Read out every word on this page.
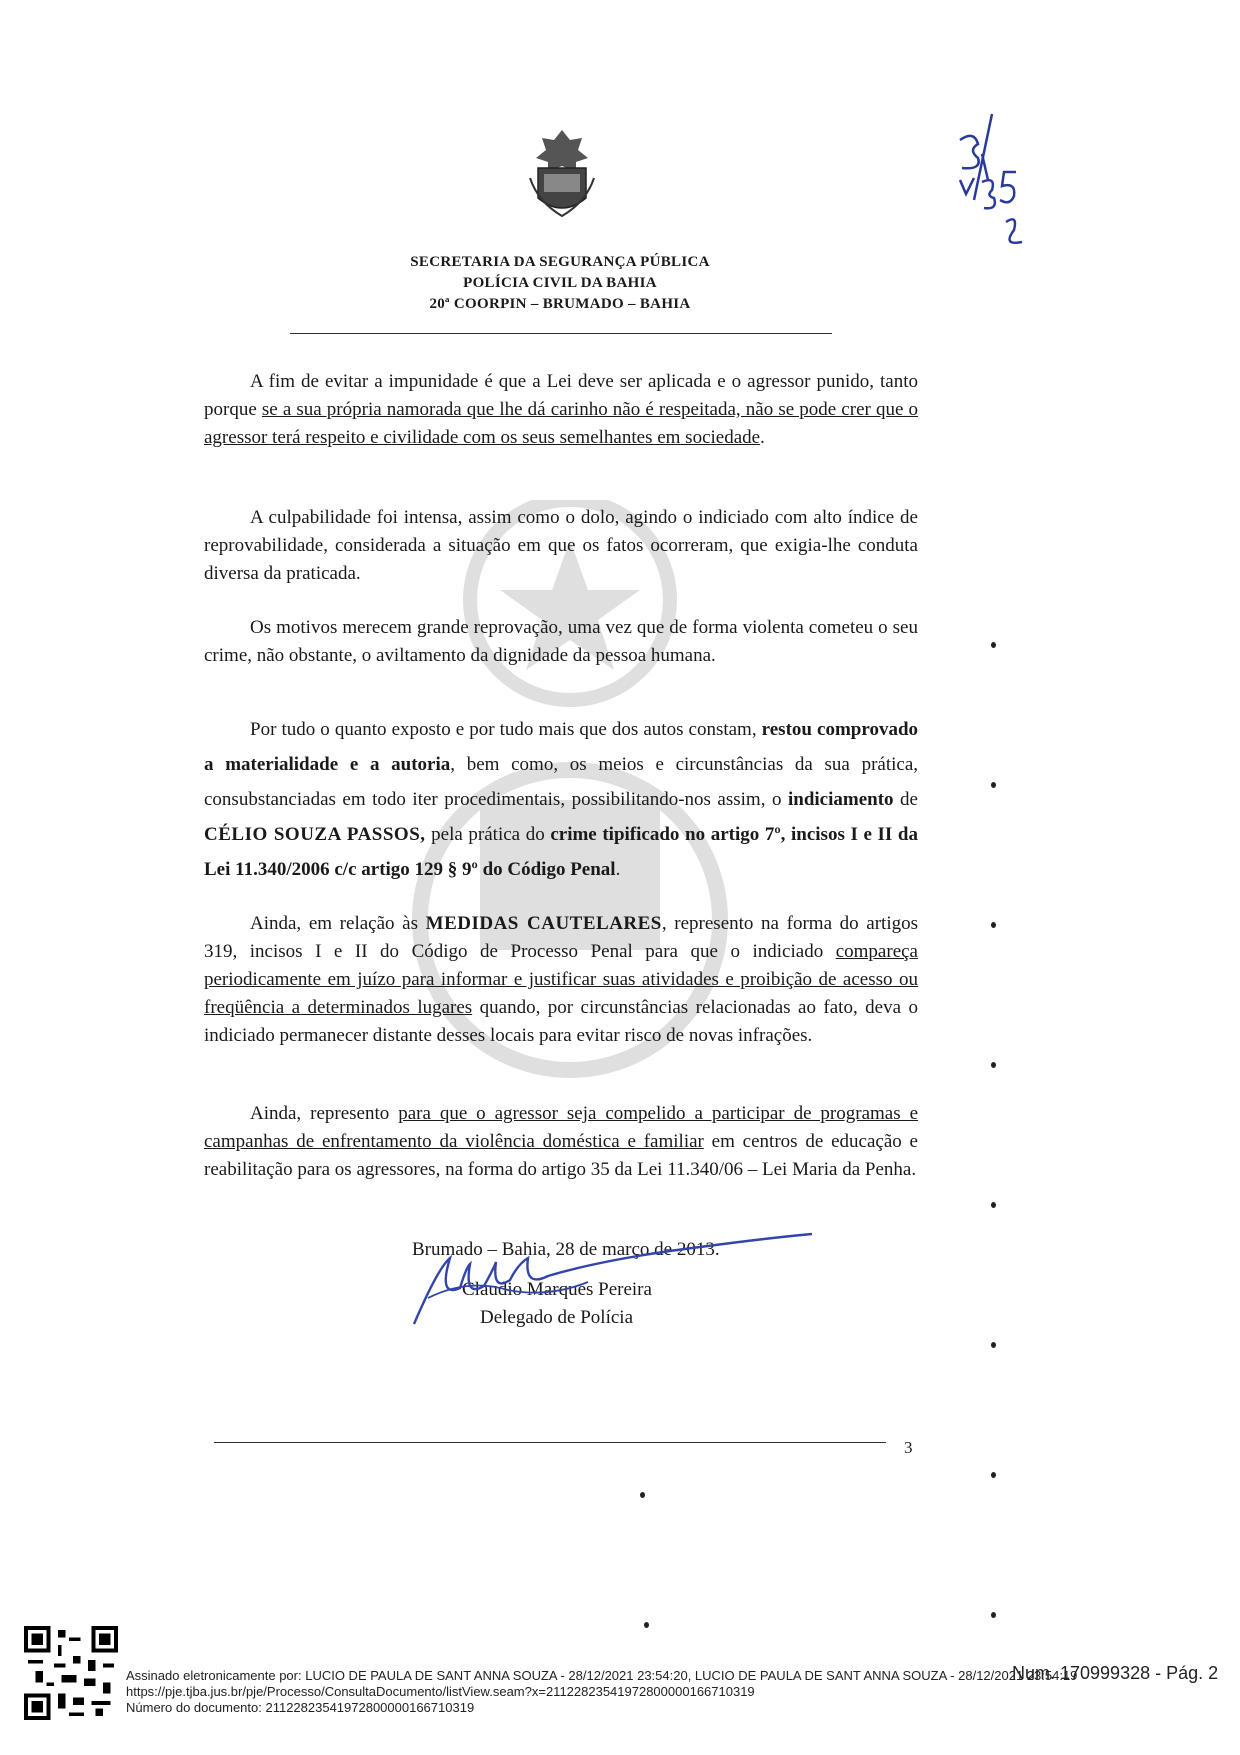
SECRETARIA DA SEGURANÇA PÚBLICA
POLÍCIA CIVIL DA BAHIA
20ª COORPIN – BRUMADO – BAHIA

A fim de evitar a impunidade é que a Lei deve ser aplicada e o agressor punido, tanto porque se a sua própria namorada que lhe dá carinho não é respeitada, não se pode crer que o agressor terá respeito e civilidade com os seus semelhantes em sociedade.

A culpabilidade foi intensa, assim como o dolo, agindo o indiciado com alto índice de reprovabilidade, considerada a situação em que os fatos ocorreram, que exigia-lhe conduta diversa da praticada.

Os motivos merecem grande reprovação, uma vez que de forma violenta cometeu o seu crime, não obstante, o aviltamento da dignidade da pessoa humana.

Por tudo o quanto exposto e por tudo mais que dos autos constam, restou comprovado a materialidade e a autoria, bem como, os meios e circunstâncias da sua prática, consubstanciadas em todo iter procedimentais, possibilitando-nos assim, o indiciamento de CÉLIO SOUZA PASSOS, pela prática do crime tipificado no artigo 7º, incisos I e II da Lei 11.340/2006 c/c artigo 129 § 9º do Código Penal.

Ainda, em relação às MEDIDAS CAUTELARES, represento na forma do artigos 319, incisos I e II do Código de Processo Penal para que o indiciado compareça periodicamente em juízo para informar e justificar suas atividades e proibição de acesso ou freqüência a determinados lugares quando, por circunstâncias relacionadas ao fato, deva o indiciado permanecer distante desses locais para evitar risco de novas infrações.

Ainda, represento para que o agressor seja compelido a participar de programas e campanhas de enfrentamento da violência doméstica e familiar em centros de educação e reabilitação para os agressores, na forma do artigo 35 da Lei 11.340/06 – Lei Maria da Penha.

Brumado – Bahia, 28 de março de 2013.
Claudio Marques Pereira
Delegado de Polícia
3
Assinado eletronicamente por: LUCIO DE PAULA DE SANT ANNA SOUZA - 28/12/2021 23:54:20, LUCIO DE PAULA DE SANT ANNA SOUZA - 28/12/2021 23:54:19
https://pje.tjba.jus.br/pje/Processo/ConsultaDocumento/listView.seam?x=21122823541972800000166710319
Número do documento: 21122823541972800000166710319
Num. 170999328 - Pág. 2
